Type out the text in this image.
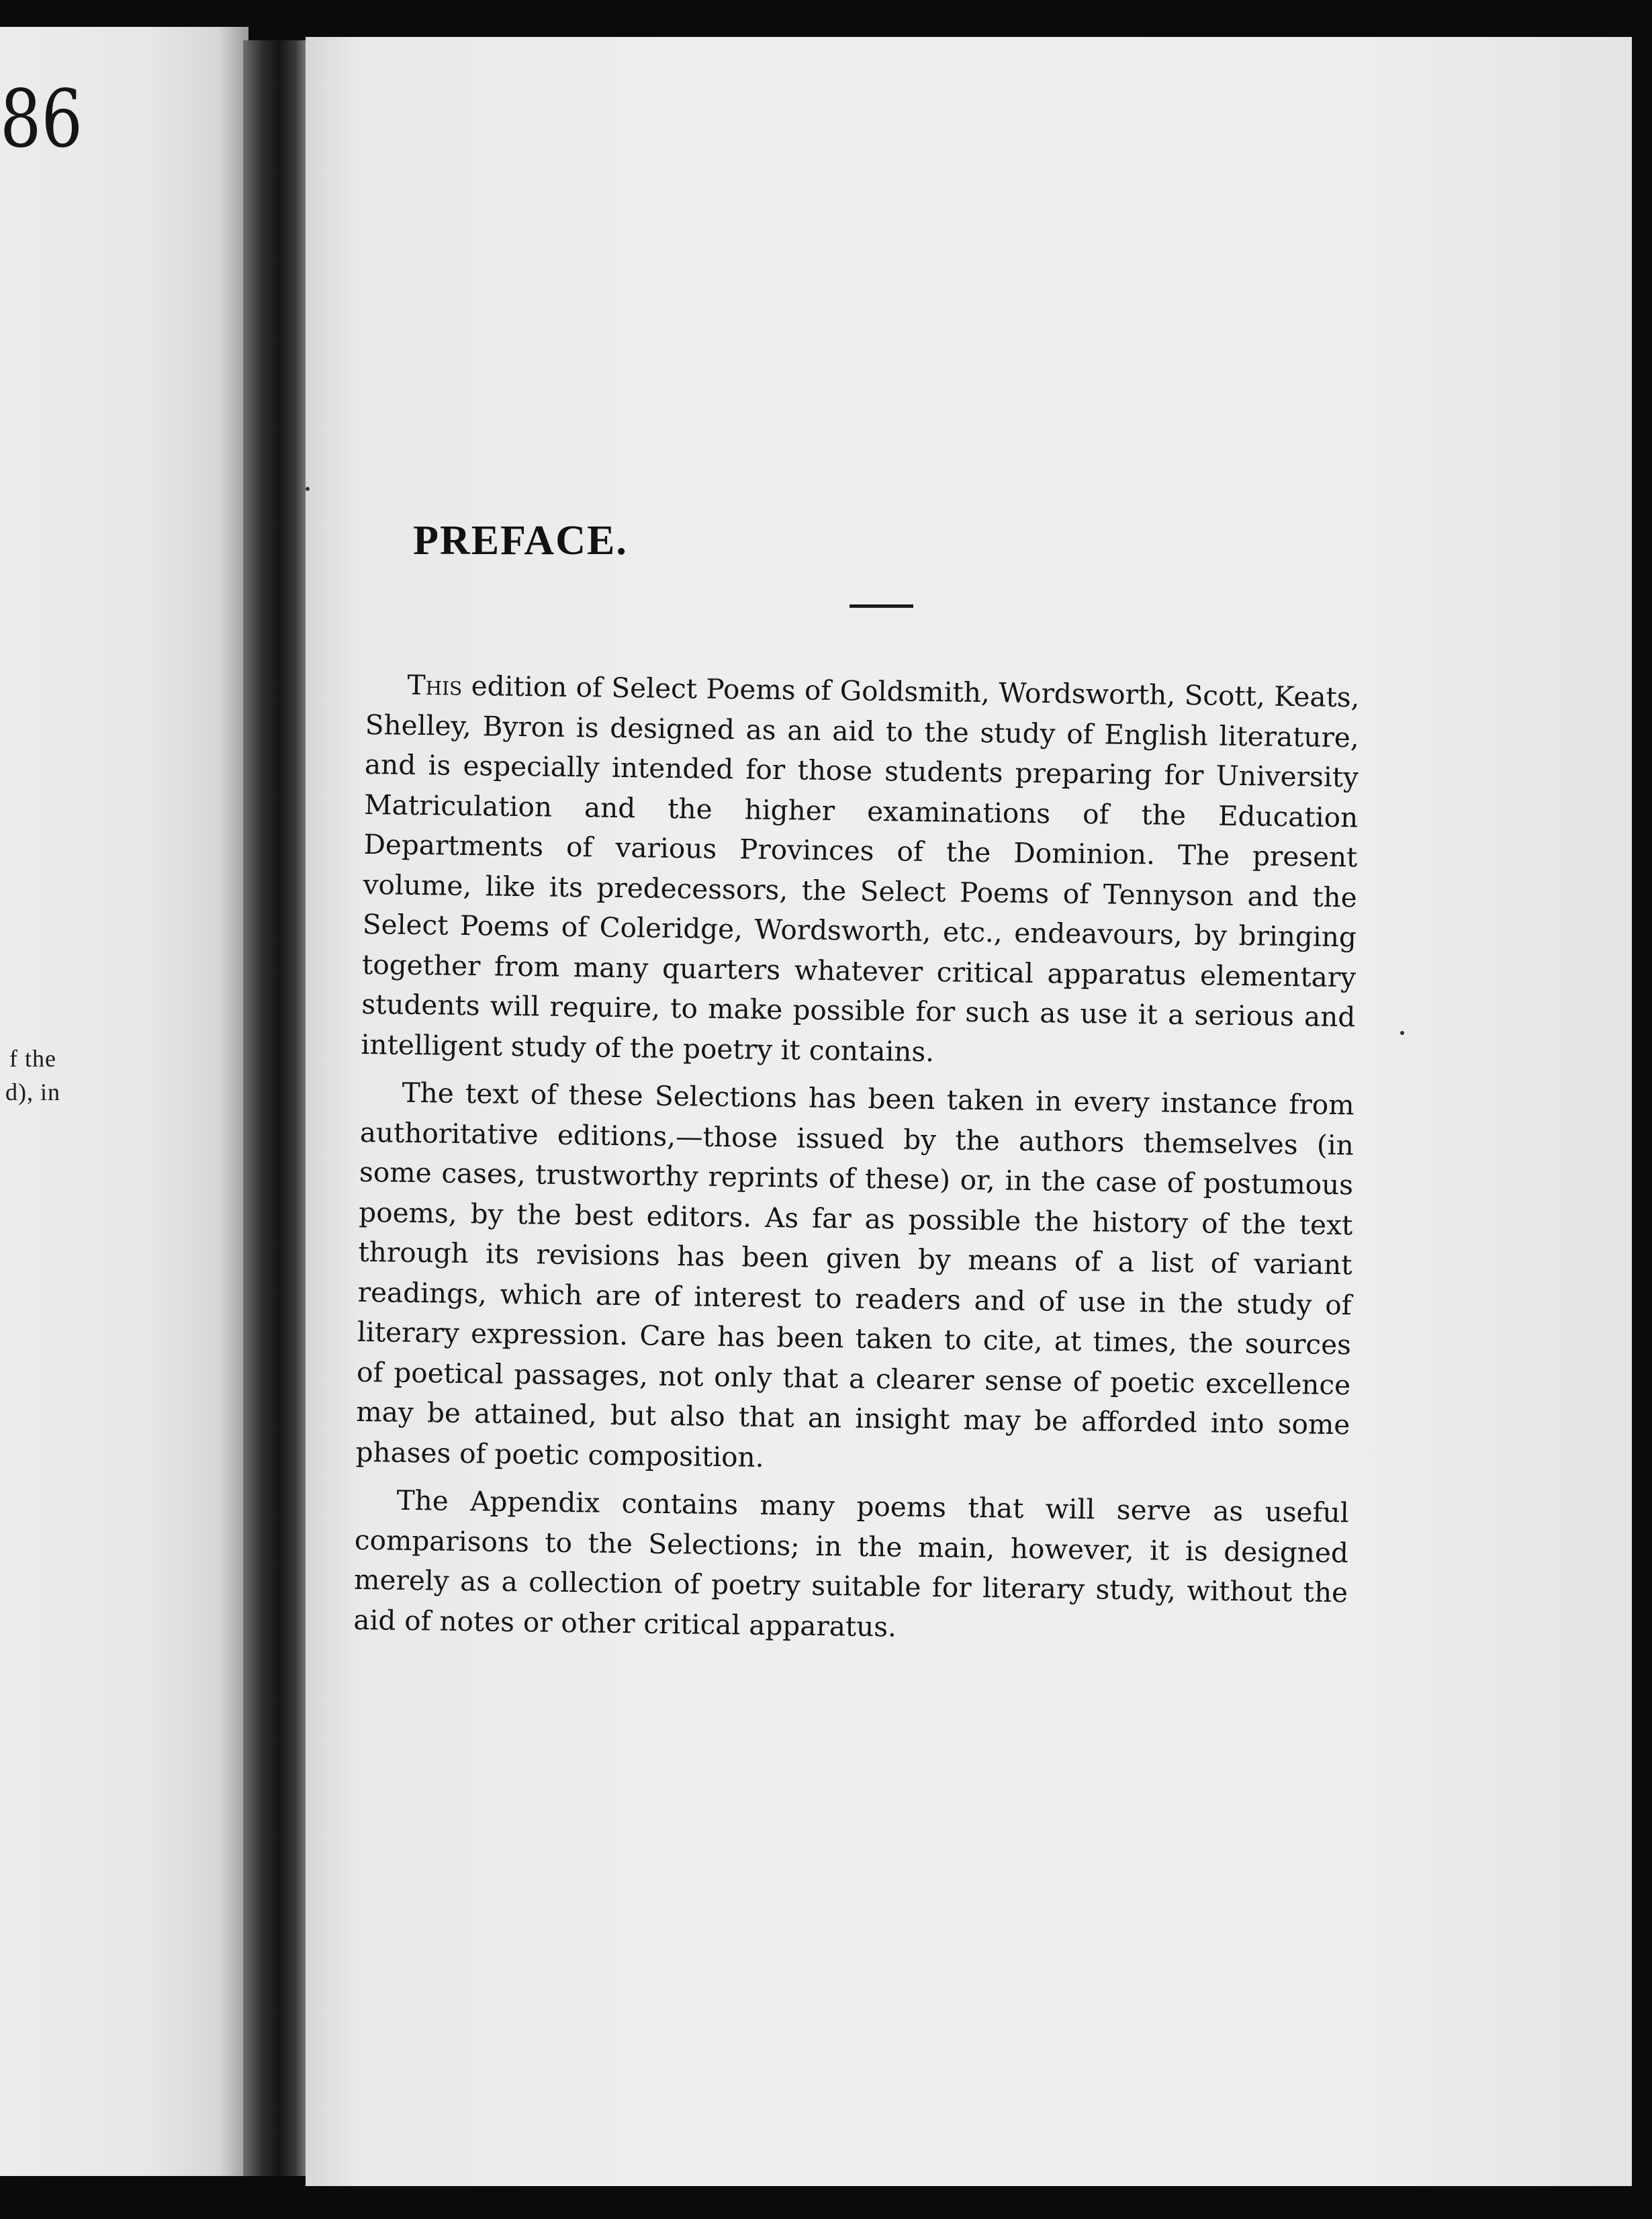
86
f the
d), in
PREFACE.

This edition of Select Poems of Goldsmith, Wordsworth, Scott, Keats, Shelley, Byron is designed as an aid to the study of English literature, and is especially intended for those students preparing for University Matriculation and the higher examinations of the Education Departments of various Provinces of the Dominion. The present volume, like its predecessors, the Select Poems of Tennyson and the Select Poems of Coleridge, Wordsworth, etc., endeavours, by bringing together from many quarters whatever critical apparatus elementary students will require, to make possible for such as use it a serious and intelligent study of the poetry it contains.

The text of these Selections has been taken in every instance from authoritative editions,—those issued by the authors themselves (in some cases, trustworthy reprints of these) or, in the case of postumous poems, by the best editors. As far as possible the history of the text through its revisions has been given by means of a list of variant readings, which are of interest to readers and of use in the study of literary expression. Care has been taken to cite, at times, the sources of poetical passages, not only that a clearer sense of poetic excellence may be attained, but also that an insight may be afforded into some phases of poetic composition.

The Appendix contains many poems that will serve as useful comparisons to the Selections; in the main, however, it is designed merely as a collection of poetry suitable for literary study, without the aid of notes or other critical apparatus.
